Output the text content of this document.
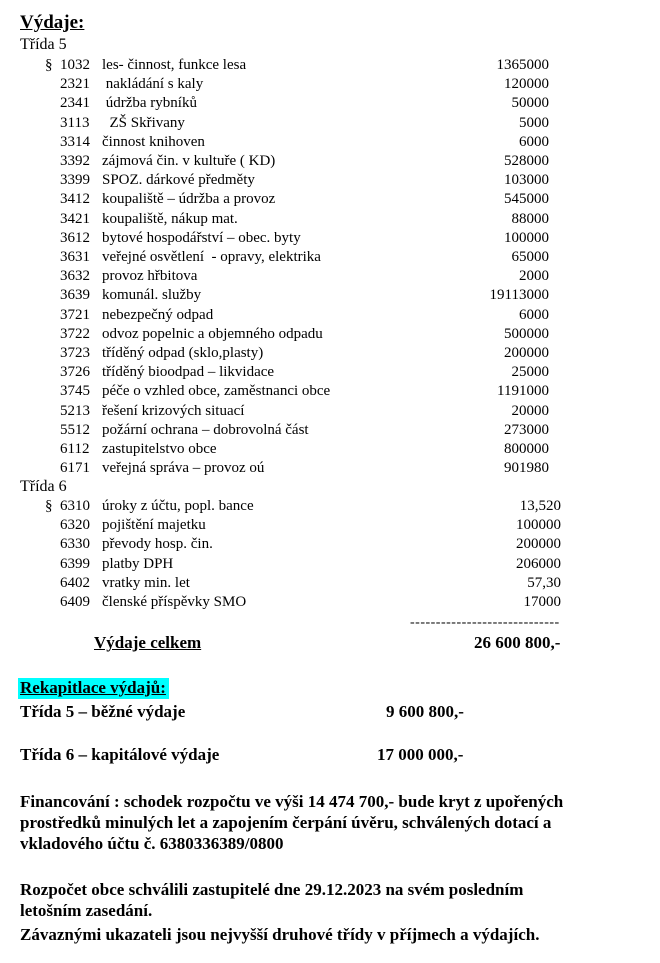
Výdaje:
Třída 5
§ 1032 les- činnost, funkce lesa	1365000
2321 nakládání s kaly	120000
2341 údržba rybníků	50000
3113 ZŠ Skřivany	5000
3314 činnost knihoven	6000
3392 zájmová čin. v kultuře ( KD)	528000
3399 SPOZ. dárkové předměty	103000
3412 koupaliště – údržba a provoz	545000
3421 koupaliště, nákup mat.	88000
3612 bytové hospodářství – obec. byty	100000
3631 veřejné osvětlení  - opravy, elektrika	65000
3632 provoz hřbitova	2000
3639 komunál. služby	19113000
3721 nebezpečný odpad	6000
3722 odvoz popelnic a objemného odpadu	500000
3723 tříděný odpad (sklo,plasty)	200000
3726 tříděný bioodpad – likvidace	25000
3745 péče o vzhled obce, zaměstnanci obce	1191000
5213 řešení krizových situací	20000
5512 požární ochrana – dobrovolná část	273000
6112 zastupitelstvo obce	800000
6171 veřejná správa – provoz oú	901980
Třída 6
§ 6310 úroky z účtu, popl. bance	13,520
6320 pojištění majetku	100000
6330 převody hosp. čin.	200000
6399 platby DPH	206000
6402 vratky min. let	57,30
6409 členské příspěvky SMO	17000
-----------------------------
Výdaje celkem	26 600 800,-
Rekapitlace výdajů:
Třída 5 – běžné výdaje	9 600 800,-
Třída 6 – kapitálové výdaje	17 000 000,-
Financování : schodek rozpočtu ve výši 14 474 700,- bude kryt z upořených
prostředků minulých let a zapojením čerpání úvěru, schválených dotací a
vkladového účtu č. 6380336389/0800
Rozpočet obce schválili zastupitelé dne 29.12.2023 na svém posledním
letošním zasedání.
Závaznými ukazateli jsou nejvyšší druhové třídy v příjmech a výdajích.
